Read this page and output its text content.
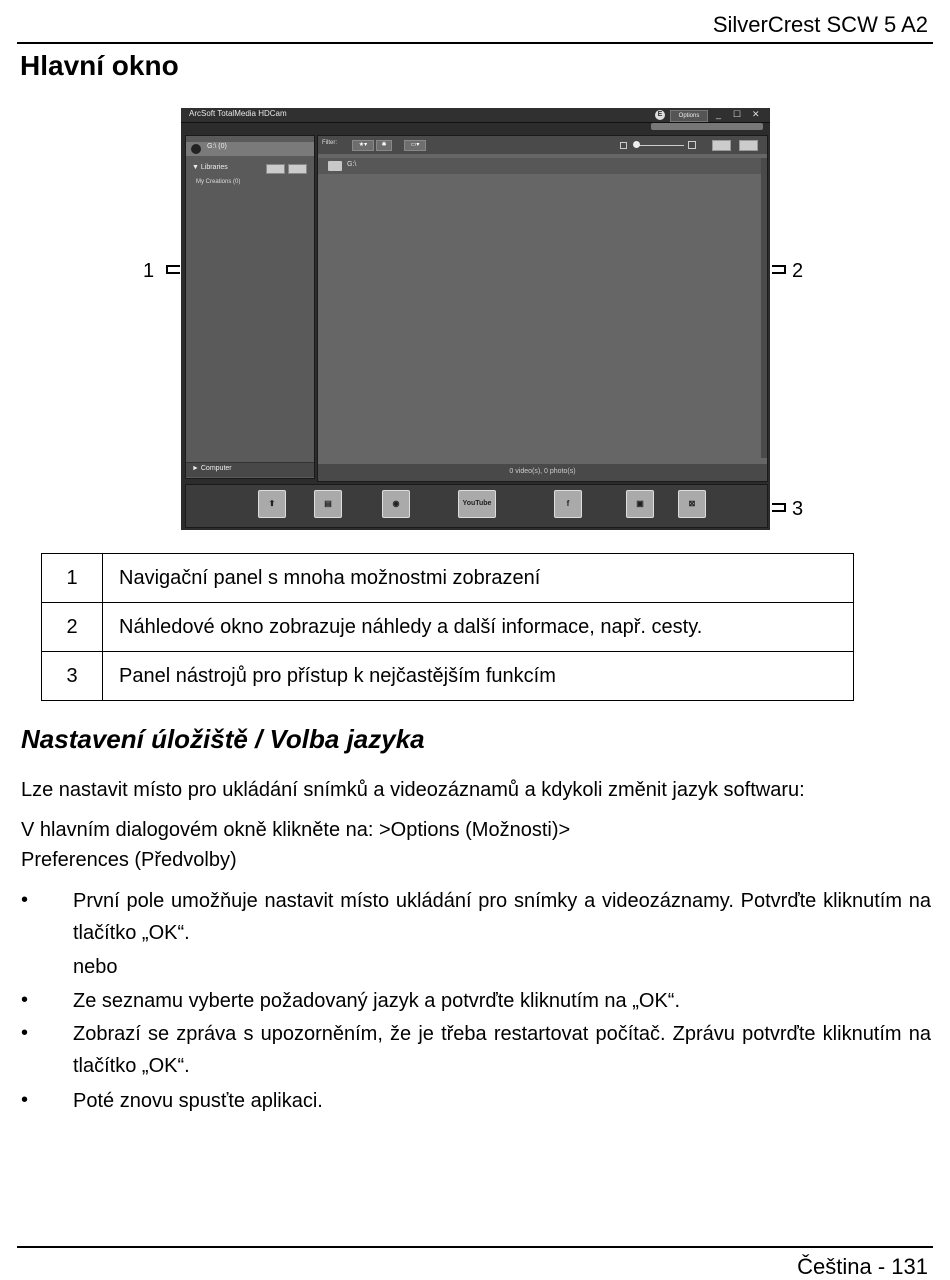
SilverCrest SCW 5 A2
Hlavní okno
ArcSoft TotalMedia HDCam	E	Options	_ ☐ ✕
G:\ (0)
▼ Libraries
My Creations (0)
► Computer
Filter:	★▾	✱	▭▾
G:\
0 video(s), 0 photo(s)
⬆	▤	◉	YouTube	f	▣	⊠
1	2
3
1	Navigační panel s mnoha možnostmi zobrazení
2	Náhledové okno zobrazuje náhledy a další informace, např. cesty.
3	Panel nástrojů pro přístup k nejčastějším funkcím
Nastavení úložiště / Volba jazyka
Lze nastavit místo pro ukládání snímků a videozáznamů a kdykoli změnit jazyk softwaru:
V hlavním dialogovém okně klikněte na: >Options (Možnosti)>
Preferences (Předvolby)
• První pole umožňuje nastavit místo ukládání pro snímky a videozáznamy. Potvrďte kliknutím na tlačítko „OK“.
nebo
• Ze seznamu vyberte požadovaný jazyk a potvrďte kliknutím na „OK“.
• Zobrazí se zpráva s upozorněním, že je třeba restartovat počítač. Zprávu potvrďte kliknutím na tlačítko „OK“.
• Poté znovu spusťte aplikaci.
Čeština - 131
